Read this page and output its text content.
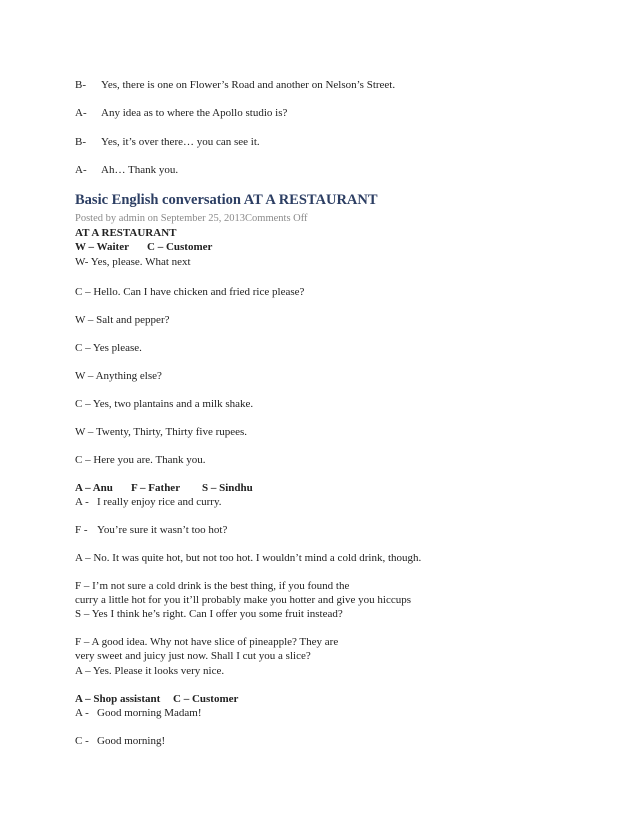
B- Yes, there is one on Flower’s Road and another on Nelson’s Street.
A- Any idea as to where the Apollo studio is?
B- Yes, it’s over there… you can see it.
A- Ah… Thank you.
Basic English conversation AT A RESTAURANT
Posted by admin on September 25, 2013Comments Off
AT A RESTAURANT
W – Waiter C – Customer
W- Yes, please. What next
C – Hello. Can I have chicken and fried rice please?
W – Salt and pepper?
C – Yes please.
W – Anything else?
C – Yes, two plantains and a milk shake.
W – Twenty, Thirty, Thirty five rupees.
C – Here you are. Thank you.
A – Anu F – Father S – Sindhu
A - I really enjoy rice and curry.
F - You’re sure it wasn’t too hot?
A – No. It was quite hot, but not too hot. I wouldn’t mind a cold drink, though.
F – I’m not sure a cold drink is the best thing, if you found the
curry a little hot for you it’ll probably make you hotter and give you hiccups
S – Yes I think he’s right. Can I offer you some fruit instead?
F – A good idea. Why not have slice of pineapple? They are
very sweet and juicy just now. Shall I cut you a slice?
A – Yes. Please it looks very nice.
A – Shop assistant C – Customer
A - Good morning Madam!
C - Good morning!
